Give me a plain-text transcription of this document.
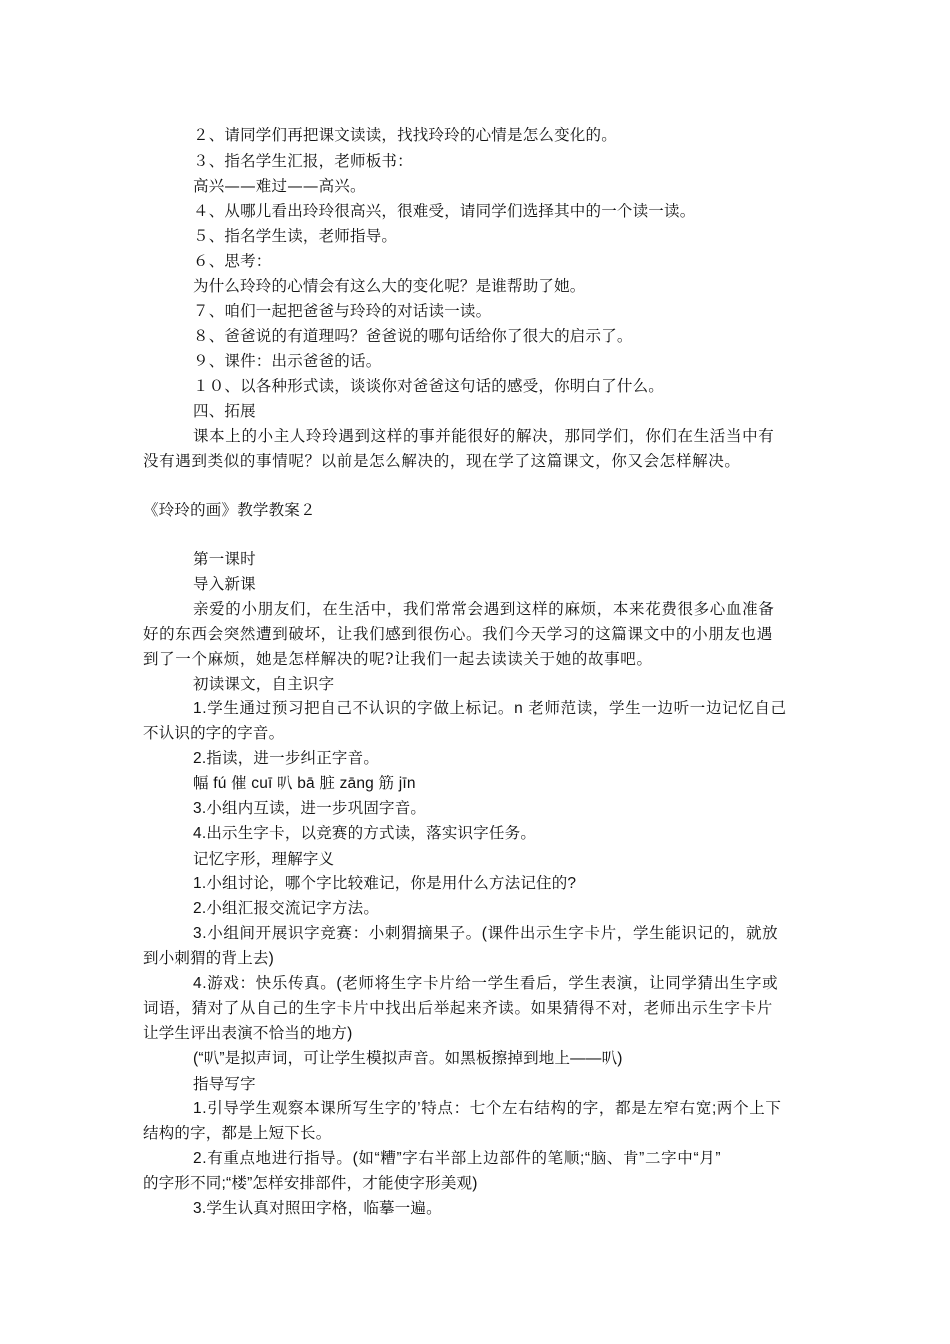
２、请同学们再把课文读读，找找玲玲的心情是怎么变化的。
３、指名学生汇报，老师板书：
高兴——难过——高兴。
４、从哪儿看出玲玲很高兴，很难受，请同学们选择其中的一个读一读。
５、指名学生读，老师指导。
６、思考：
为什么玲玲的心情会有这么大的变化呢？是谁帮助了她。
７、咱们一起把爸爸与玲玲的对话读一读。
８、爸爸说的有道理吗？爸爸说的哪句话给你了很大的启示了。
９、课件：出示爸爸的话。
１０、以各种形式读，谈谈你对爸爸这句话的感受，你明白了什么。
四、拓展
课本上的小主人玲玲遇到这样的事并能很好的解决，那同学们，你们在生活当中有
没有遇到类似的事情呢？以前是怎么解决的，现在学了这篇课文，你又会怎样解决。
《玲玲的画》教学教案２
第一课时
导入新课
亲爱的小朋友们，在生活中，我们常常会遇到这样的麻烦，本来花费很多心血准备
好的东西会突然遭到破坏，让我们感到很伤心。我们今天学习的这篇课文中的小朋友也遇
到了一个麻烦，她是怎样解决的呢?让我们一起去读读关于她的故事吧。
初读课文，自主识字
1.学生通过预习把自己不认识的字做上标记。n 老师范读，学生一边听一边记忆自己
不认识的字的字音。
2.指读，进一步纠正字音。
幅 fú 催 cuī 叭 bā 脏 zāng 筋 jīn
3.小组内互读，进一步巩固字音。
4.出示生字卡，以竞赛的方式读，落实识字任务。
记忆字形，理解字义
1.小组讨论，哪个字比较难记，你是用什么方法记住的?
2.小组汇报交流记字方法。
3.小组间开展识字竞赛：小刺猬摘果子。(课件出示生字卡片，学生能识记的，就放
到小刺猬的背上去)
4.游戏：快乐传真。(老师将生字卡片给一学生看后，学生表演，让同学猜出生字或
词语，猜对了从自己的生字卡片中找出后举起来齐读。如果猜得不对，老师出示生字卡片
让学生评出表演不恰当的地方)
(“叭”是拟声词，可让学生模拟声音。如黑板擦掉到地上——叭)
指导写字
1.引导学生观察本课所写生字的’特点：七个左右结构的字，都是左窄右宽;两个上下
结构的字，都是上短下长。
2.有重点地进行指导。(如“糟”字右半部上边部件的笔顺;“脑、肯”二字中“月”
的字形不同;“楼”怎样安排部件，才能使字形美观)
3.学生认真对照田字格，临摹一遍。
